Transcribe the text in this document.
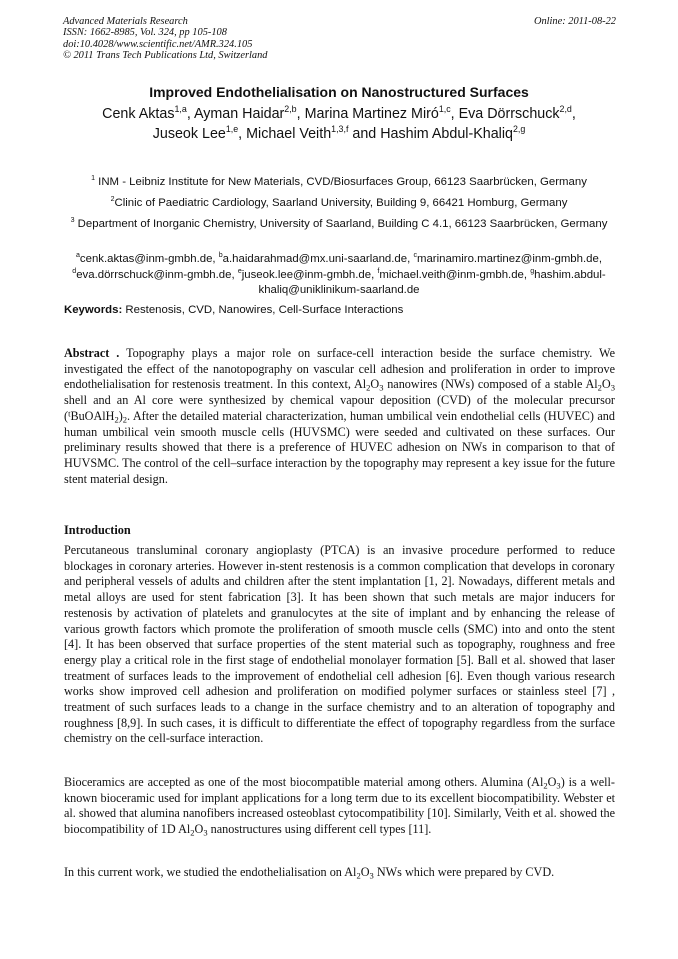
Advanced Materials Research
ISSN: 1662-8985, Vol. 324, pp 105-108
doi:10.4028/www.scientific.net/AMR.324.105
© 2011 Trans Tech Publications Ltd, Switzerland
Online: 2011-08-22
Improved Endothelialisation on Nanostructured Surfaces
Cenk Aktas$^{1,a}$, Ayman Haidar$^{2,b}$, Marina Martinez Miró$^{1,c}$, Eva Dörrschuck$^{2,d}$,
Juseok Lee$^{1,e}$, Michael Veith$^{1,3,f}$ and Hashim Abdul-Khaliq$^{2,g}$
$^1$ INM - Leibniz Institute for New Materials, CVD/Biosurfaces Group, 66123 Saarbrücken, Germany
$^2$Clinic of Paediatric Cardiology, Saarland University, Building 9, 66421 Homburg, Germany
$^3$ Department of Inorganic Chemistry, University of Saarland, Building C 4.1, 66123 Saarbrücken, Germany
$^a$cenk.aktas@inm-gmbh.de, $^b$a.haidarahmad@mx.uni-saarland.de, $^c$marinamiro.martinez@inm-gmbh.de, $^d$eva.dörrschuck@inm-gmbh.de, $^e$juseok.lee@inm-gmbh.de, $^f$michael.veith@inm-gmbh.de, $^g$hashim.abdul-khaliq@uniklinikum-saarland.de
Keywords: Restenosis, CVD, Nanowires, Cell-Surface Interactions

Abstract . Topography plays a major role on surface-cell interaction beside the surface chemistry. We investigated the effect of the nanotopography on vascular cell adhesion and proliferation in order to improve endothelialisation for restenosis treatment. In this context, $Al_2O_3$ nanowires (NWs) composed of a stable $Al_2O_3$ shell and an Al core were synthesized by chemical vapour deposition (CVD) of the molecular precursor $(^tBuOAlH_2)_2$. After the detailed material characterization, human umbilical vein endothelial cells (HUVEC) and human umbilical vein smooth muscle cells (HUVSMC) were seeded and cultivated on these surfaces. Our preliminary results showed that there is a preference of HUVEC adhesion on NWs in comparison to that of HUVSMC. The control of the cell–surface interaction by the topography may represent a key issue for the future stent material design.

Introduction

Percutaneous transluminal coronary angioplasty (PTCA) is an invasive procedure performed to reduce blockages in coronary arteries. However in-stent restenosis is a common complication that develops in coronary and peripheral vessels of adults and children after the stent implantation [1, 2]. Nowadays, different metals and metal alloys are used for stent fabrication [3]. It has been shown that such metals are major inducers for restenosis by activation of platelets and granulocytes at the site of implant and by enhancing the release of various growth factors which promote the proliferation of smooth muscle cells (SMC) into and onto the stent [4]. It has been observed that surface properties of the stent material such as topography, roughness and free energy play a critical role in the first stage of endothelial monolayer formation [5]. Ball et al. showed that laser treatment of surfaces leads to the improvement of endothelial cell adhesion [6]. Even though various research works show improved cell adhesion and proliferation on modified polymer surfaces or stainless steel [7] , treatment of such surfaces leads to a change in the surface chemistry and to an alteration of topography and roughness [8,9]. In such cases, it is difficult to differentiate the effect of topography regardless from the surface chemistry on the cell-surface interaction.

Bioceramics are accepted as one of the most biocompatible material among others. Alumina $(Al_2O_3)$ is a well-known bioceramic used for implant applications for a long term due to its excellent biocompatibility. Webster et al. showed that alumina nanofibers increased osteoblast cytocompatibility [10]. Similarly, Veith et al. showed the biocompatibility of 1D $Al_2O_3$ nanostructures using different cell types [11].

In this current work, we studied the endothelialisation on $Al_2O_3$ NWs which were prepared by CVD.
